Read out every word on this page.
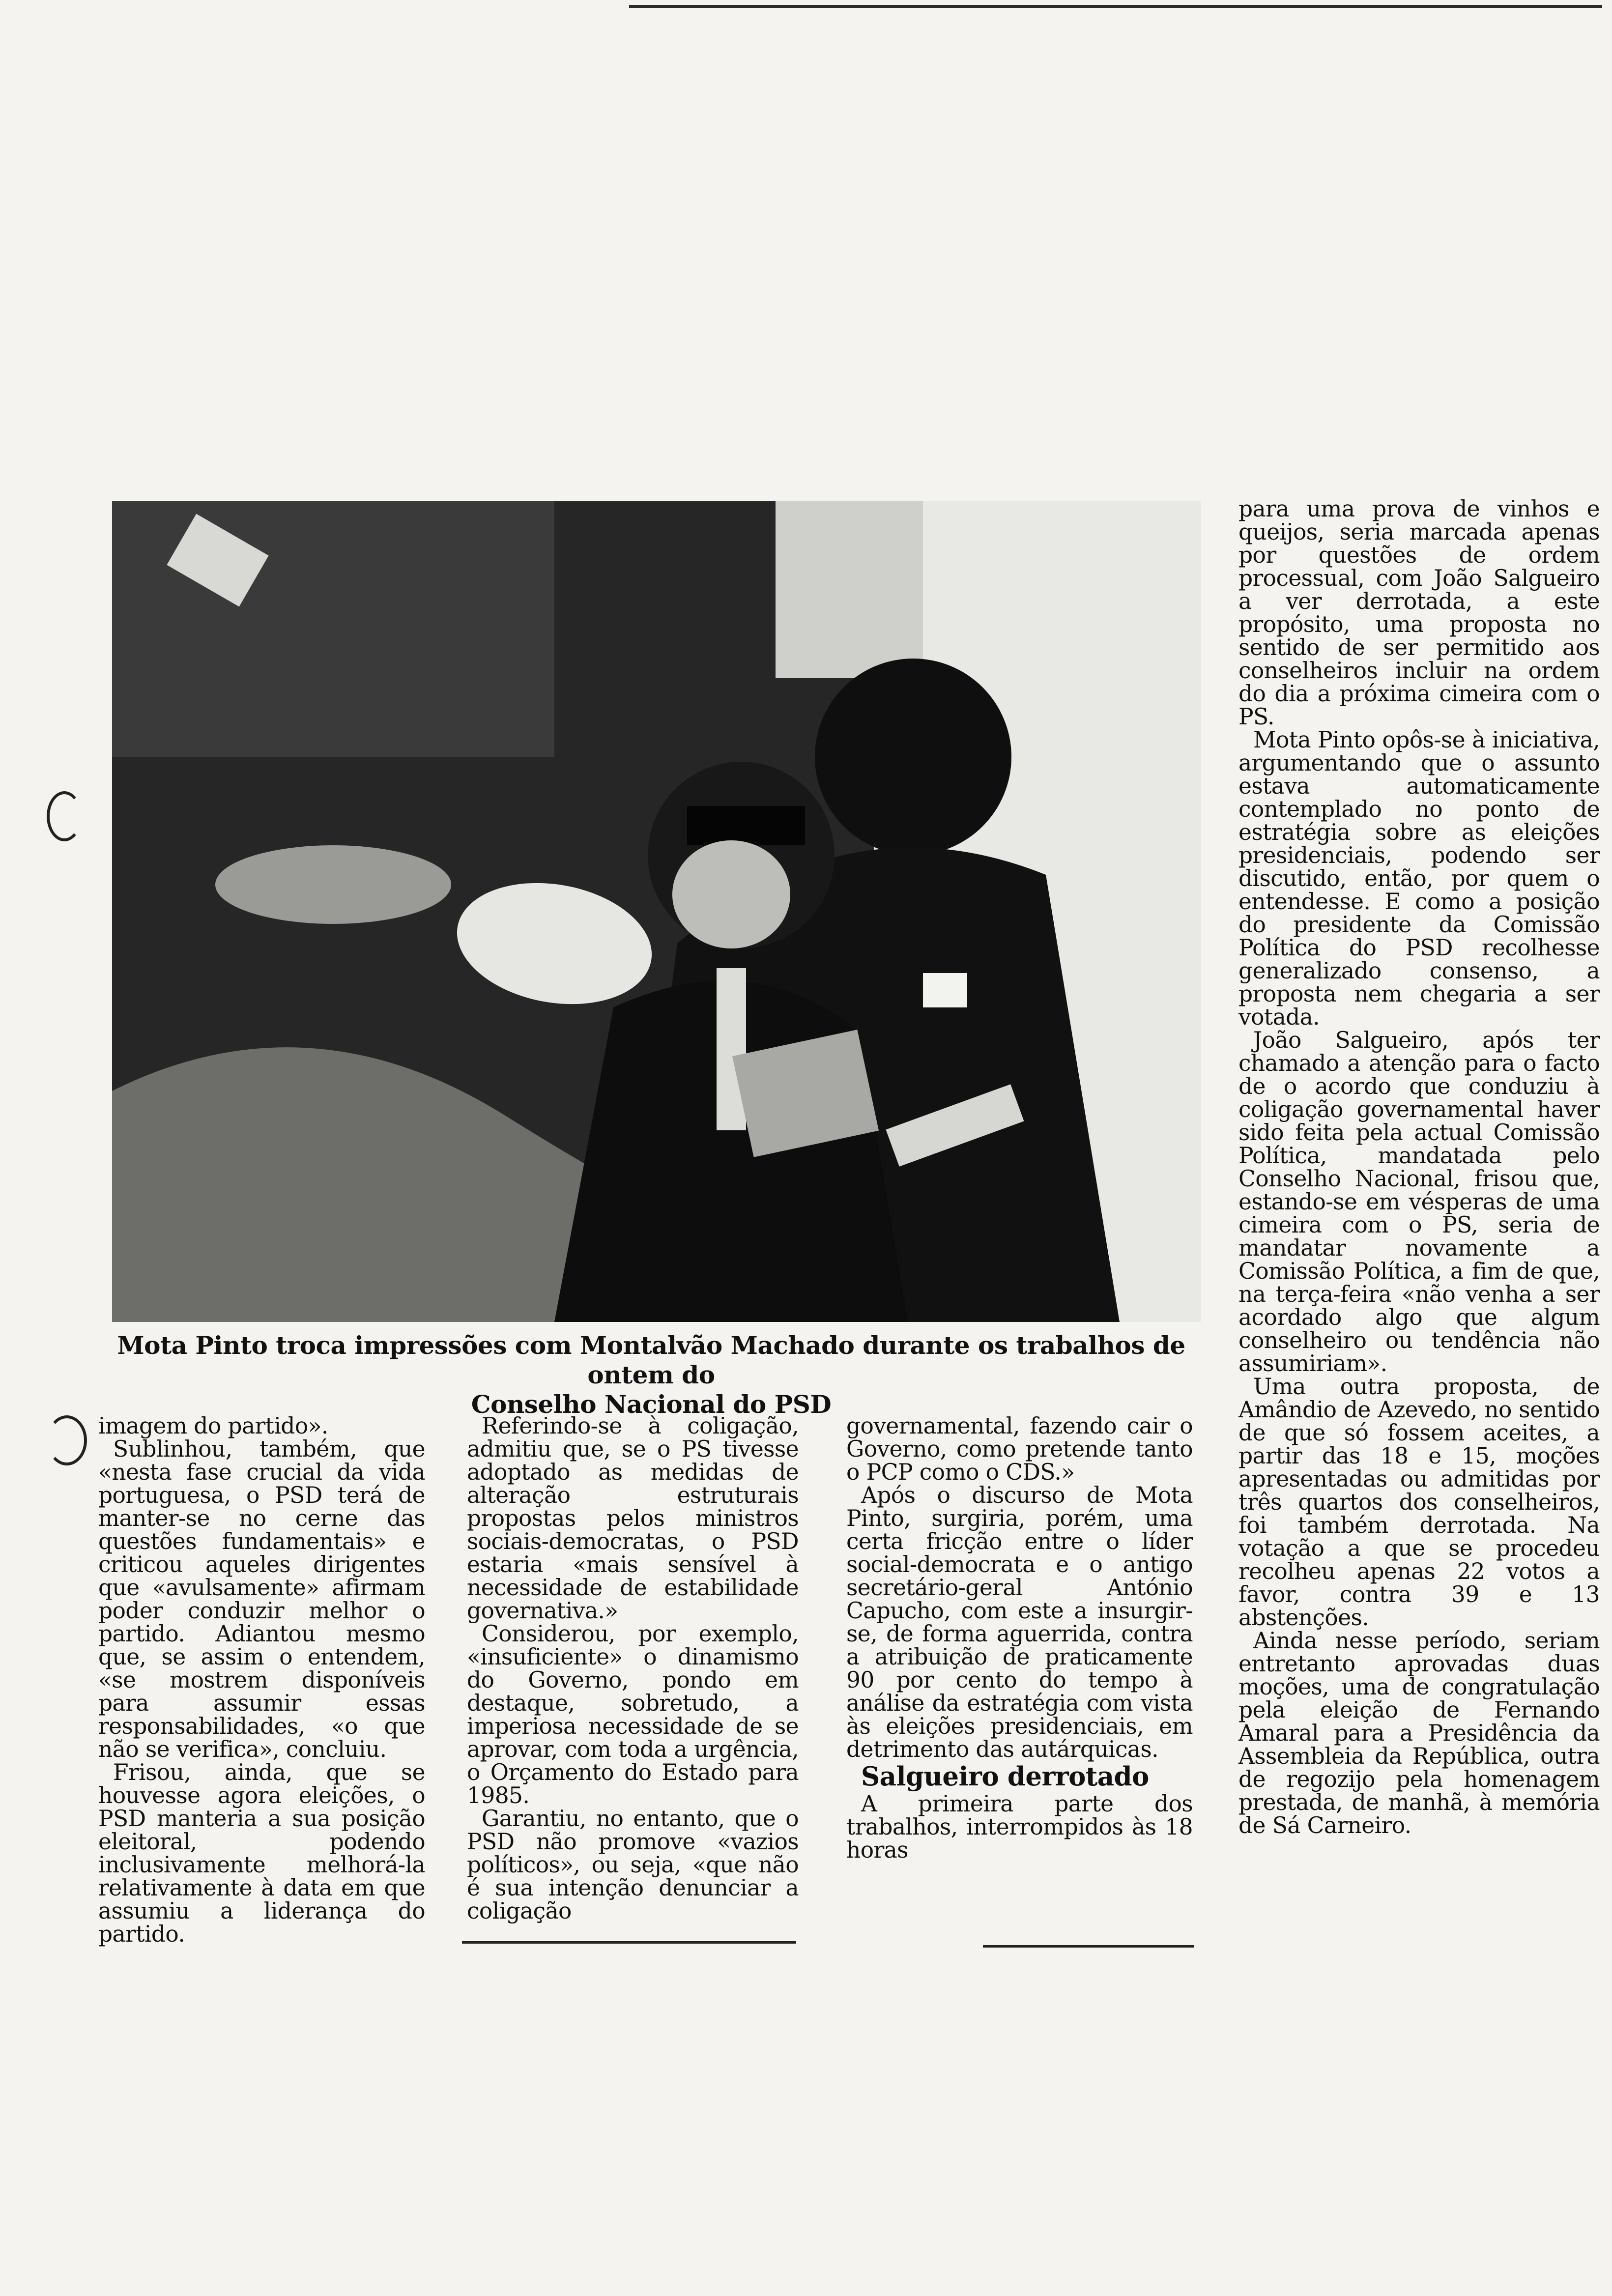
Mota Pinto troca impressões com Montalvão Machado durante os trabalhos de ontem do
Conselho Nacional do PSD

imagem do partido».

Sublinhou, também, que «nesta fase crucial da vida portuguesa, o PSD terá de manter-se no cerne das questões fundamentais» e criticou aqueles dirigentes que «avulsamente» afirmam poder conduzir melhor o partido. Adiantou mesmo que, se assim o entendem, «se mostrem disponíveis para assumir essas responsabilidades, «o que não se verifica», concluiu.

Frisou, ainda, que se houvesse agora eleições, o PSD manteria a sua posição eleitoral, podendo inclusivamente melhorá-la relativamente à data em que assumiu a liderança do partido.

Referindo-se à coligação, admitiu que, se o PS tivesse adoptado as medidas de alteração estruturais propostas pelos ministros sociais-democratas, o PSD estaria «mais sensível à necessidade de estabilidade governativa.»

Considerou, por exemplo, «insuficiente» o dinamismo do Governo, pondo em destaque, sobretudo, a imperiosa necessidade de se aprovar, com toda a urgência, o Orçamento do Estado para 1985.

Garantiu, no entanto, que o PSD não promove «vazios políticos», ou seja, «que não é sua intenção denunciar a coligação

governamental, fazendo cair o Governo, como pretende tanto o PCP como o CDS.»

Após o discurso de Mota Pinto, surgiria, porém, uma certa fricção entre o líder social-democrata e o antigo secretário-geral António Capucho, com este a insurgir-se, de forma aguerrida, contra a atribuição de praticamente 90 por cento do tempo à análise da estratégia com vista às eleições presidenciais, em detrimento das autárquicas.

Salgueiro derrotado

A primeira parte dos trabalhos, interrompidos às 18 horas

para uma prova de vinhos e queijos, seria marcada apenas por questões de ordem processual, com João Salgueiro a ver derrotada, a este propósito, uma proposta no sentido de ser permitido aos conselheiros incluir na ordem do dia a próxima cimeira com o PS.

Mota Pinto opôs-se à iniciativa, argumentando que o assunto estava automaticamente contemplado no ponto de estratégia sobre as eleições presidenciais, podendo ser discutido, então, por quem o entendesse. E como a posição do presidente da Comissão Política do PSD recolhesse generalizado consenso, a proposta nem chegaria a ser votada.

João Salgueiro, após ter chamado a atenção para o facto de o acordo que conduziu à coligação governamental haver sido feita pela actual Comissão Política, mandatada pelo Conselho Nacional, frisou que, estando-se em vésperas de uma cimeira com o PS, seria de mandatar novamente a Comissão Política, a fim de que, na terça-feira «não venha a ser acordado algo que algum conselheiro ou tendência não assumiriam».

Uma outra proposta, de Amândio de Azevedo, no sentido de que só fossem aceites, a partir das 18 e 15, moções apresentadas ou admitidas por três quartos dos conselheiros, foi também derrotada. Na votação a que se procedeu recolheu apenas 22 votos a favor, contra 39 e 13 abstenções.

Ainda nesse período, seriam entretanto aprovadas duas moções, uma de congratulação pela eleição de Fernando Amaral para a Presidência da Assembleia da República, outra de regozijo pela homenagem prestada, de manhã, à memória de Sá Carneiro.
